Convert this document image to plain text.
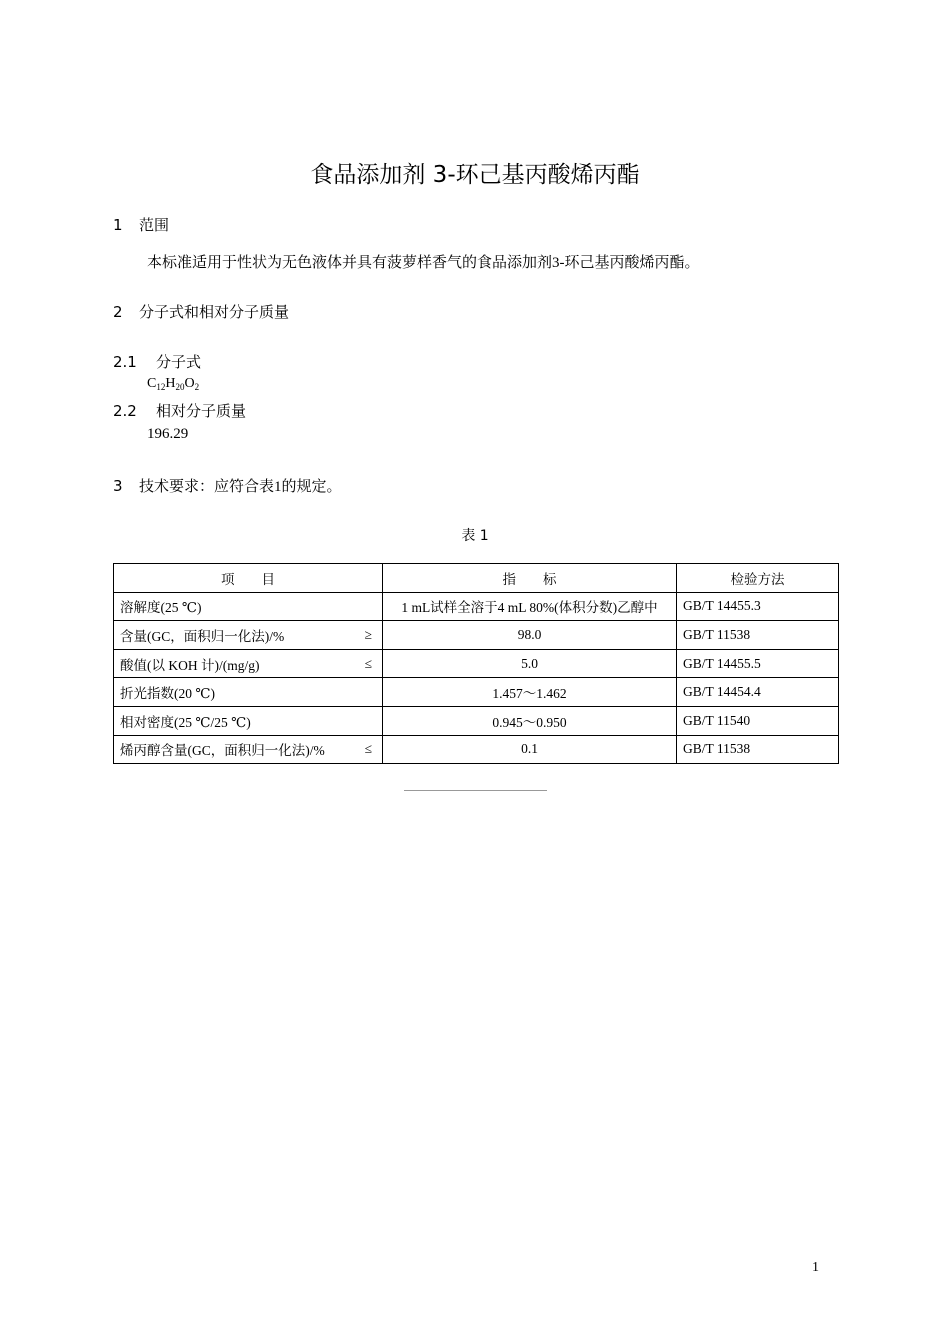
食品添加剂 3-环己基丙酸烯丙酯
1 范围
本标准适用于性状为无色液体并具有菠萝样香气的食品添加剂3-环己基丙酸烯丙酯。
2 分子式和相对分子质量
2.1 分子式
$C_{12}H_{20}O_2$
2.2 相对分子质量
196.29
3 技术要求：应符合表1的规定。
表 1
项　　目	指　　标	检验方法
溶解度(25 ℃)	1 mL试样全溶于4 mL 80%(体积分数)乙醇中	GB/T 14455.3
含量(GC，面积归一化法)/% ≥	98.0	GB/T 11538
酸值(以 KOH 计)/(mg/g) ≤	5.0	GB/T 14455.5
折光指数(20 ℃)	1.457～1.462	GB/T 14454.4
相对密度(25 ℃/25 ℃)	0.945～0.950	GB/T 11540
烯丙醇含量(GC，面积归一化法)/% ≤	0.1	GB/T 11538
1
